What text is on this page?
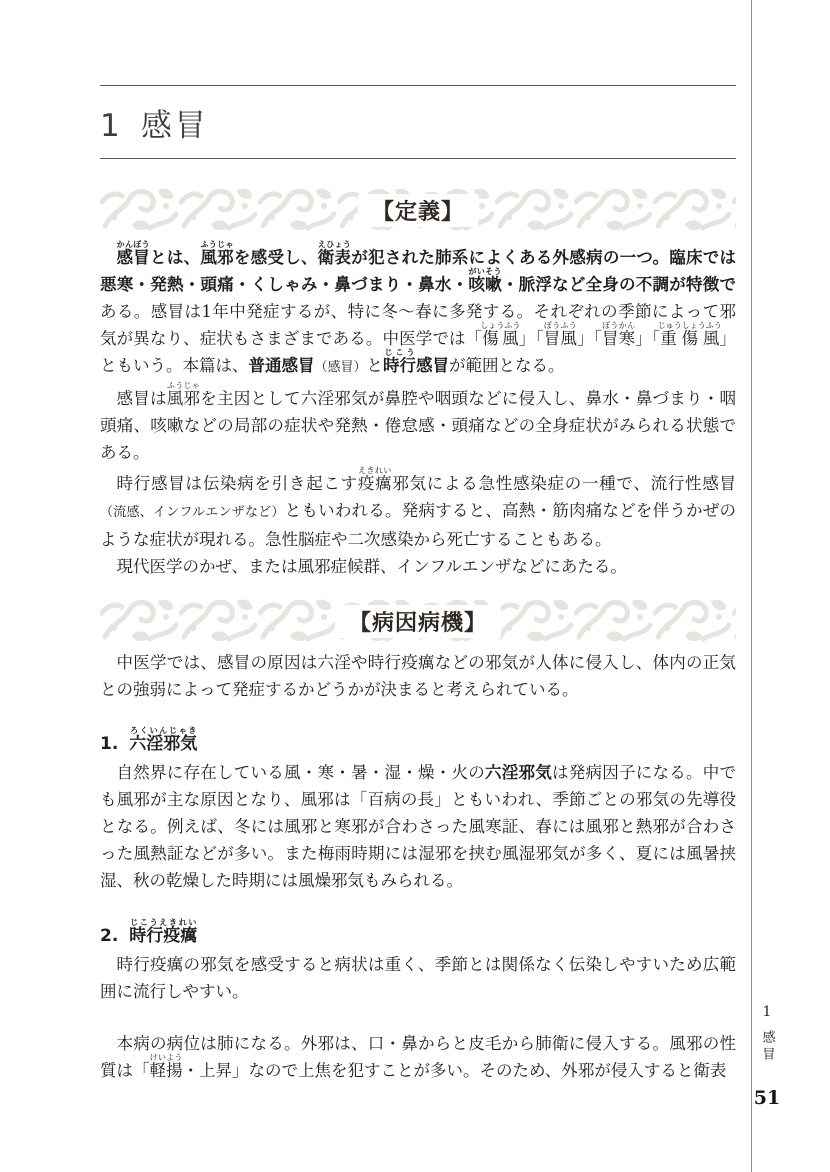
1 感冒
【定義】

感冒かんぼうとは、風邪ふうじゃを感受し、衛表えひょうが犯された肺系によくある外感病の一つ。臨床では悪寒・発熱・頭痛・くしゃみ・鼻づまり・鼻水・咳嗽がいそう・脈浮など全身の不調が特徴である。感冒は1年中発症するが、特に冬〜春に多発する。それぞれの季節によって邪気が異なり、症状もさまざまである。中医学では「傷風しょうふう」「冒風ぼうふう」「冒寒ぼうかん」「重傷風じゅうしょうふう」ともいう。本篇は、普通感冒（感冒）と時行じこう感冒が範囲となる。

感冒は風邪ふうじゃを主因として六淫邪気が鼻腔や咽頭などに侵入し、鼻水・鼻づまり・咽頭痛、咳嗽などの局部の症状や発熱・倦怠感・頭痛などの全身症状がみられる状態である。

時行感冒は伝染病を引き起こす疫癘えきれい邪気による急性感染症の一種で、流行性感冒（流感、インフルエンザなど）ともいわれる。発病すると、高熱・筋肉痛などを伴うかぜのような症状が現れる。急性脳症や二次感染から死亡することもある。

現代医学のかぜ、または風邪症候群、インフルエンザなどにあたる。

【病因病機】

中医学では、感冒の原因は六淫や時行疫癘などの邪気が人体に侵入し、体内の正気との強弱によって発症するかどうかが決まると考えられている。

1. 六淫邪気ろくいんじゃき

自然界に存在している風・寒・暑・湿・燥・火の六淫邪気は発病因子になる。中でも風邪が主な原因となり、風邪は「百病の長」ともいわれ、季節ごとの邪気の先導役となる。例えば、冬には風邪と寒邪が合わさった風寒証、春には風邪と熱邪が合わさった風熱証などが多い。また梅雨時期には湿邪を挟む風湿邪気が多く、夏には風暑挟湿、秋の乾燥した時期には風燥邪気もみられる。

2. 時行疫癘じこうえきれい

時行疫癘の邪気を感受すると病状は重く、季節とは関係なく伝染しやすいため広範囲に流行しやすい。

本病の病位は肺になる。外邪は、口・鼻からと皮毛から肺衛に侵入する。風邪の性質は「軽揚けいよう・上昇」なので上焦を犯すことが多い。そのため、外邪が侵入すると衛表

1
感冒
51
